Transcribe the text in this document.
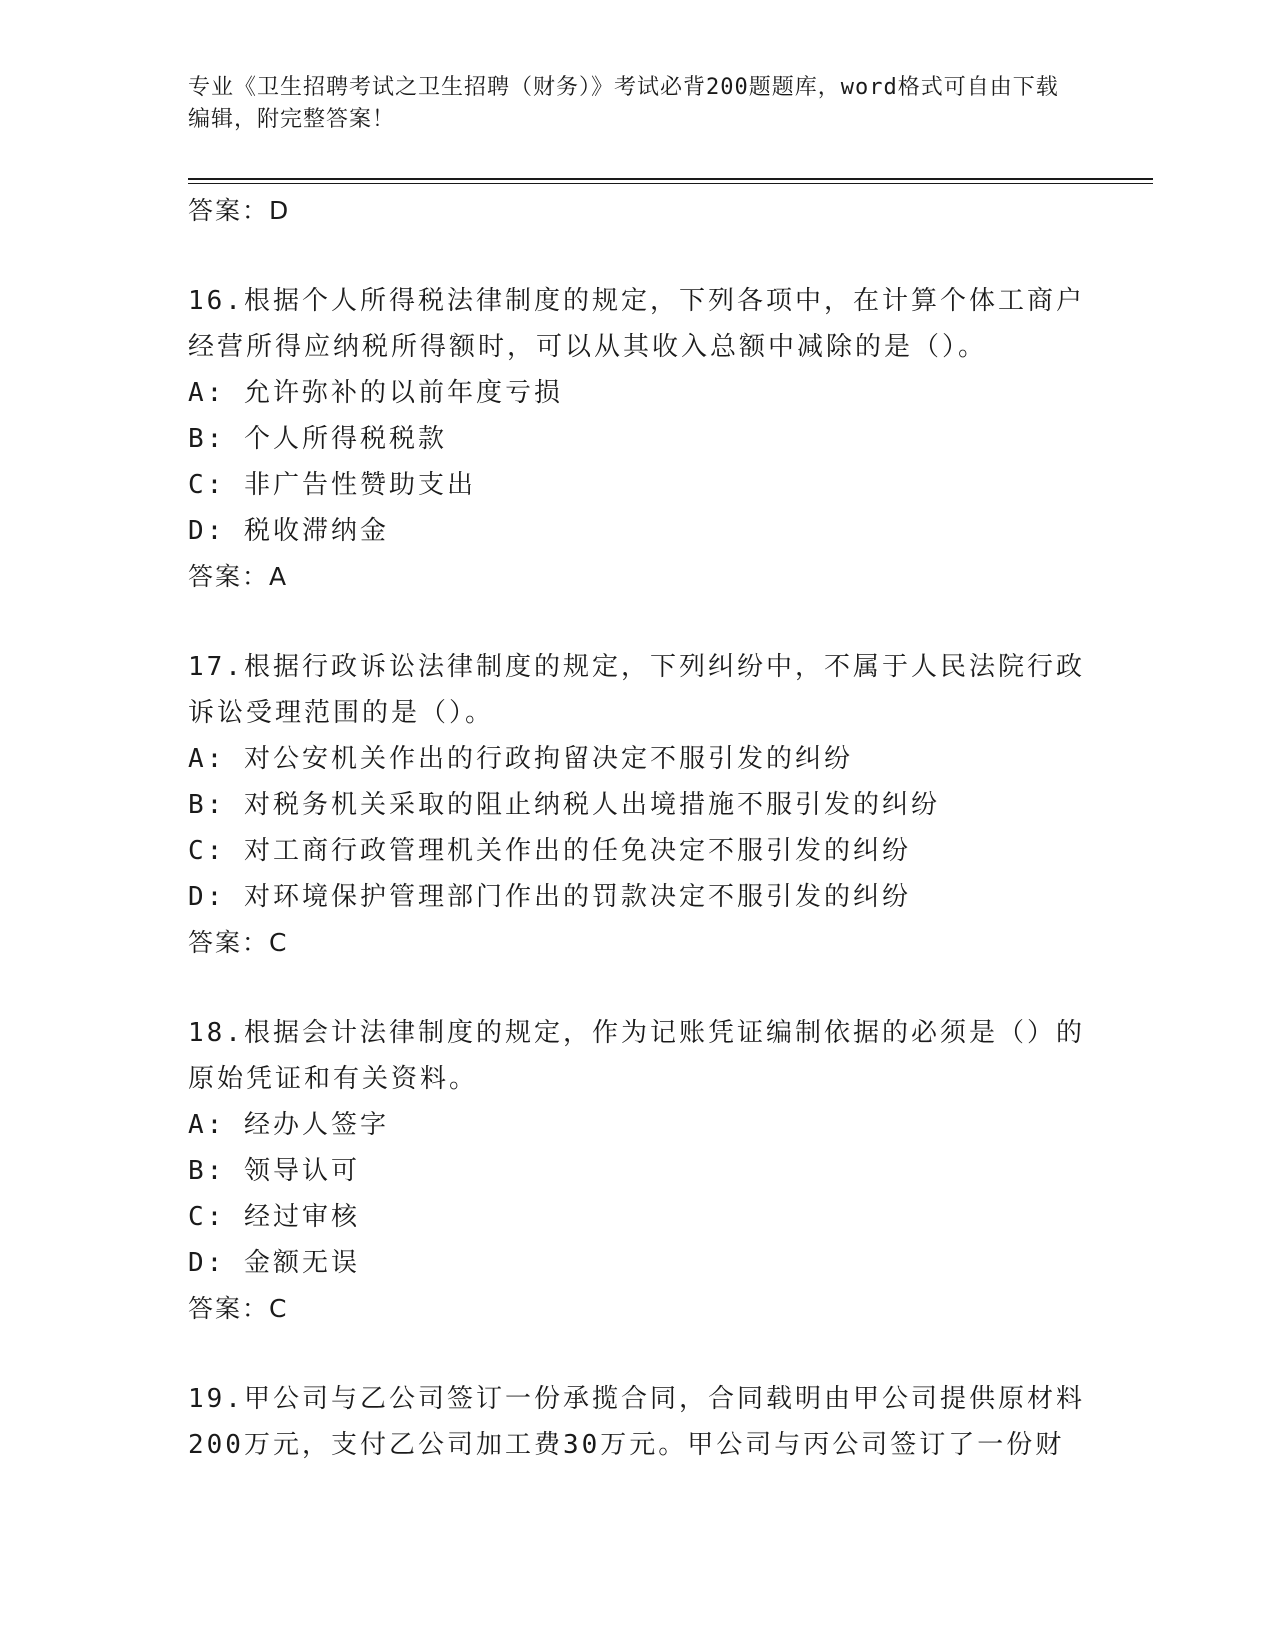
专业《卫生招聘考试之卫生招聘（财务）》考试必背200题题库，word格式可自由下载编辑，附完整答案！
答案：D
16.根据个人所得税法律制度的规定，下列各项中，在计算个体工商户经营所得应纳税所得额时，可以从其收入总额中减除的是（）。
A: 允许弥补的以前年度亏损
B: 个人所得税税款
C: 非广告性赞助支出
D: 税收滞纳金
答案：A
17.根据行政诉讼法律制度的规定，下列纠纷中，不属于人民法院行政诉讼受理范围的是（）。
A: 对公安机关作出的行政拘留决定不服引发的纠纷
B: 对税务机关采取的阻止纳税人出境措施不服引发的纠纷
C: 对工商行政管理机关作出的任免决定不服引发的纠纷
D: 对环境保护管理部门作出的罚款决定不服引发的纠纷
答案：C
18.根据会计法律制度的规定，作为记账凭证编制依据的必须是（）的原始凭证和有关资料。
A: 经办人签字
B: 领导认可
C: 经过审核
D: 金额无误
答案：C
19.甲公司与乙公司签订一份承揽合同，合同载明由甲公司提供原材料200万元，支付乙公司加工费30万元。甲公司与丙公司签订了一份财
